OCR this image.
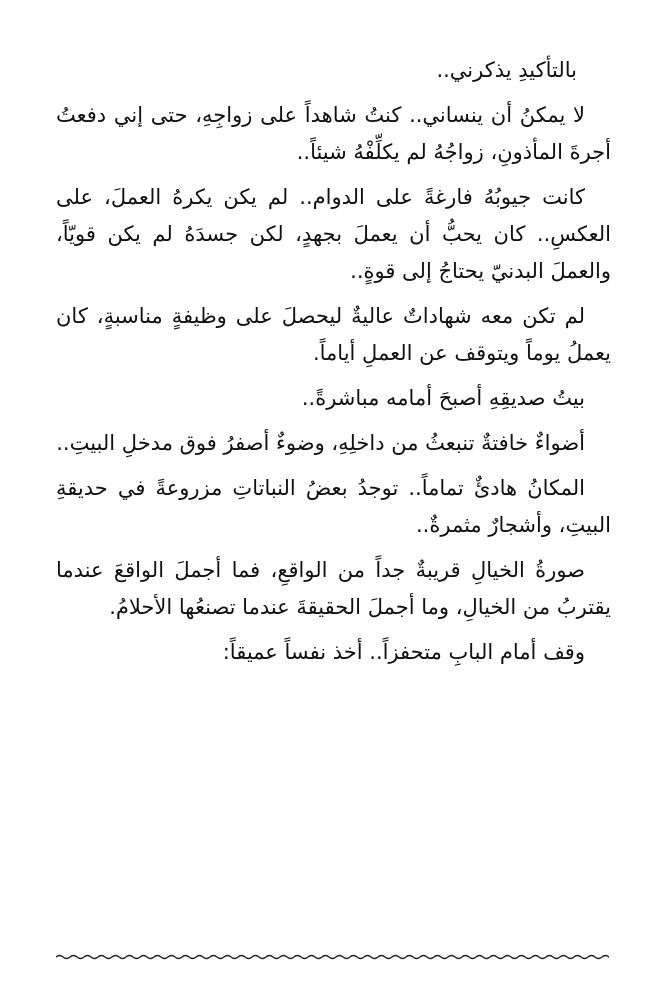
بالتأكيدِ يذكرني..

لا يمكنُ أن ينساني.. كنتُ شاهداً على زواجِهِ، حتى إني دفعتُ أجرةَ المأذونِ، زواجُهُ لم يكلِّفْهُ شيئاً..

كانت جيوبُهُ فارغةً على الدوام.. لم يكن يكرهُ العملَ، على العكسِ.. كان يحبُّ أن يعملَ بجهدٍ، لكن جسدَهُ لم يكن قويّاً، والعملَ البدنيّ يحتاجُ إلى قوةٍ..

لم تكن معه شهاداتٌ عاليةٌ ليحصلَ على وظيفةٍ مناسبةٍ، كان يعملُ يوماً ويتوقف عن العملِ أياماً.

بيتُ صديقِهِ أصبحَ أمامه مباشرةً..

أضواءٌ خافتةٌ تنبعثُ من داخلِهِ، وضوءٌ أصفرُ فوق مدخلِ البيتِ..

المكانُ هادئٌ تماماً.. توجدُ بعضُ النباتاتِ مزروعةً في حديقةِ البيتِ، وأشجارٌ مثمرةٌ..

صورةُ الخيالِ قريبةٌ جداً من الواقعِ، فما أجملَ الواقعَ عندما يقتربُ من الخيالِ، وما أجملَ الحقيقةَ عندما تصنعُها الأحلامُ.

وقف أمام البابِ متحفزاً.. أخذ نفساً عميقاً:
